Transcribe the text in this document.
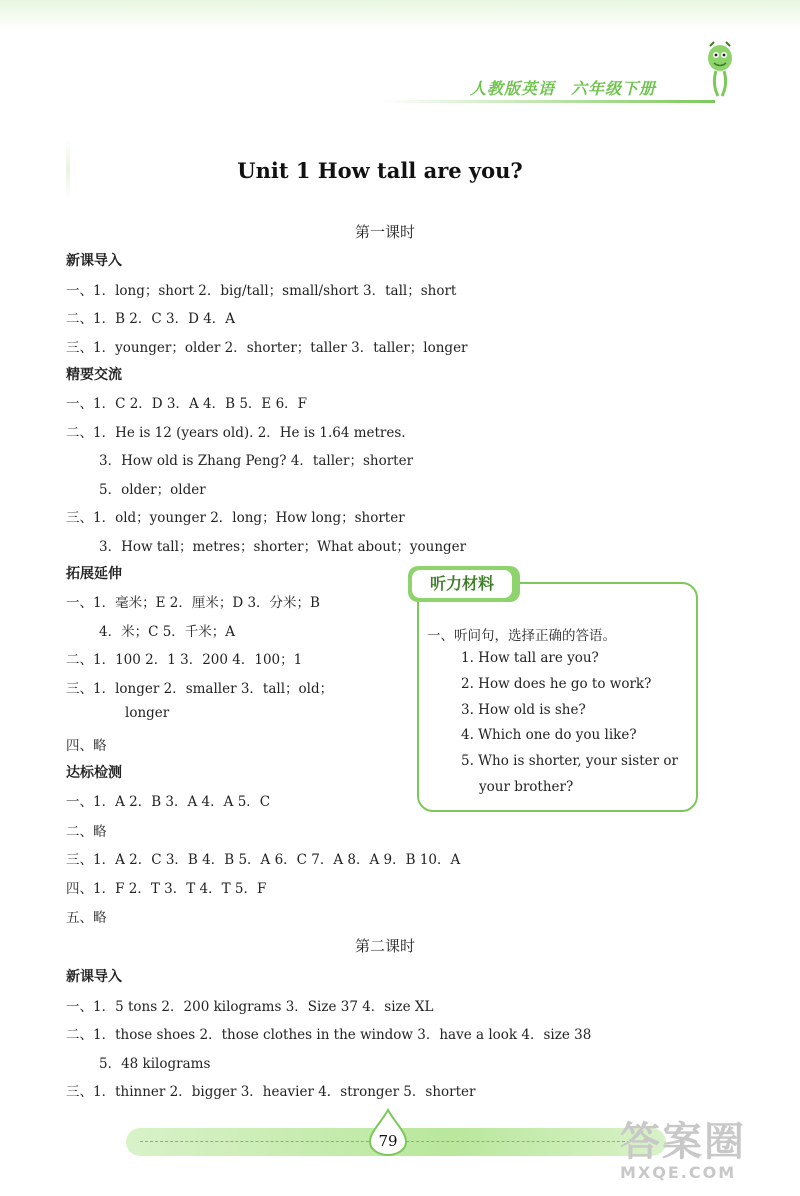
人教版英语 六年级下册
Unit 1 How tall are you?
第一课时
新课导入
一、1．long；short 2．big/tall；small/short 3．tall；short
二、1．B 2．C 3．D 4．A
三、1．younger；older 2．shorter；taller 3．taller；longer
精要交流
一、1．C 2．D 3．A 4．B 5．E 6．F
二、1．He is 12 (years old). 2．He is 1.64 metres.
3．How old is Zhang Peng? 4．taller；shorter
5．older；older
三、1．old；younger 2．long；How long；shorter
3．How tall；metres；shorter；What about；younger
拓展延伸
一、1．毫米；E 2．厘米；D 3．分米；B
4．米；C 5．千米；A
二、1．100 2．1 3．200 4．100；1
三、1．longer 2．smaller 3．tall；old；
longer
四、略
达标检测
一、1．A 2．B 3．A 4．A 5．C
二、略
三、1．A 2．C 3．B 4．B 5．A 6．C 7．A 8．A 9．B 10．A
四、1．F 2．T 3．T 4．T 5．F
五、略
听力材料
一、听问句，选择正确的答语。
1. How tall are you?
2. How does he go to work?
3. How old is she?
4. Which one do you like?
5. Who is shorter, your sister or
your brother?
第二课时
新课导入
一、1．5 tons 2．200 kilograms 3．Size 37 4．size XL
二、1．those shoes 2．those clothes in the window 3．have a look 4．size 38
5．48 kilograms
三、1．thinner 2．bigger 3．heavier 4．stronger 5．shorter
79	答案圈
MXQE.COM
